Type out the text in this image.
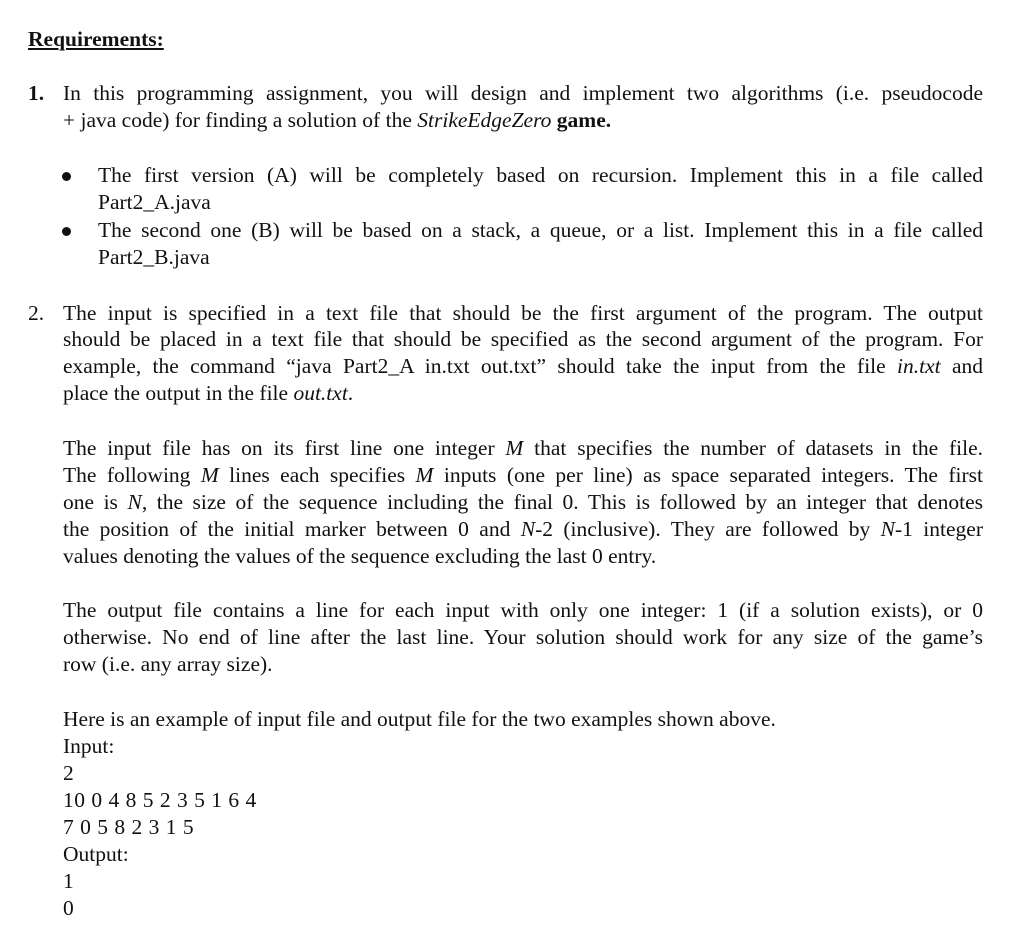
Requirements:
1. In this programming assignment, you will design and implement two algorithms (i.e. pseudocode
+ java code) for finding a solution of the StrikeEdgeZero game.
The first version (A) will be completely based on recursion. Implement this in a file called
Part2_A.java
The second one (B) will be based on a stack, a queue, or a list. Implement this in a file called
Part2_B.java
2. The input is specified in a text file that should be the first argument of the program. The output
should be placed in a text file that should be specified as the second argument of the program. For
example, the command “java Part2_A in.txt out.txt” should take the input from the file in.txt and
place the output in the file out.txt.
The input file has on its first line one integer M that specifies the number of datasets in the file.
The following M lines each specifies M inputs (one per line) as space separated integers. The first
one is N, the size of the sequence including the final 0. This is followed by an integer that denotes
the position of the initial marker between 0 and N-2 (inclusive). They are followed by N-1 integer
values denoting the values of the sequence excluding the last 0 entry.
The output file contains a line for each input with only one integer: 1 (if a solution exists), or 0
otherwise. No end of line after the last line. Your solution should work for any size of the game’s
row (i.e. any array size).
Here is an example of input file and output file for the two examples shown above.
Input:
2
10 0 4 8 5 2 3 5 1 6 4
7 0 5 8 2 3 1 5
Output:
1
0
